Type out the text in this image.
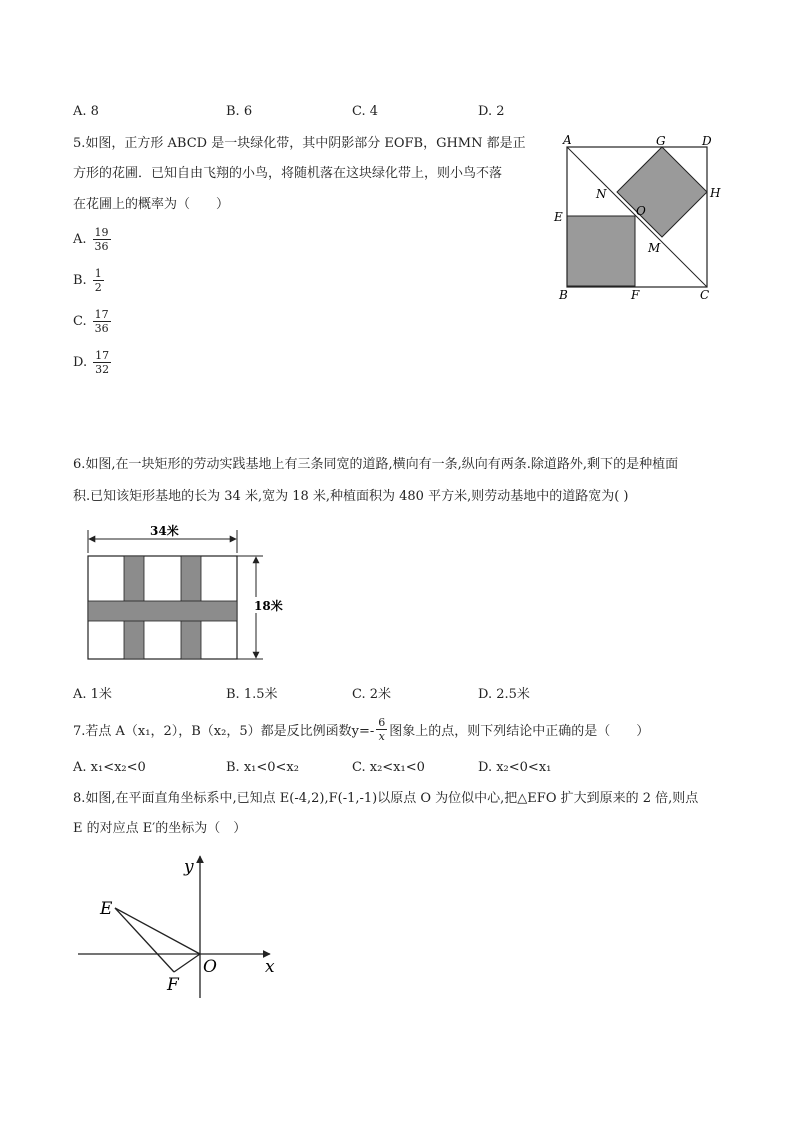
A. 8	B. 6	C. 4	D. 2
5.如图，正方形 ABCD 是一块绿化带，其中阴影部分 EOFB，GHMN 都是正
方形的花圃．已知自由飞翔的小鸟，将随机落在这块绿化带上，则小鸟不落
在花圃上的概率为（　　）
A. $\frac{19}{36}$
B. $\frac{1}{2}$
C. $\frac{17}{36}$
D. $\frac{17}{32}$
A	G	D
N	H
E	O
M
B	F	C
6.如图,在一块矩形的劳动实践基地上有三条同宽的道路,横向有一条,纵向有两条.除道路外,剩下的是种植面
积.已知该矩形基地的长为 34 米,宽为 18 米,种植面积为 480 平方米,则劳动基地中的道路宽为( )
34米
18米
A. 1米	B. 1.5米	C. 2米	D. 2.5米
7.若点 A（x₁，2），B（x₂，5）都是反比例函数$y=- \frac{6}{x}$ 图象上的点，则下列结论中正确的是（　　）
A. x₁<x₂<0	B. x₁<0<x₂	C. x₂<x₁<0	D. x₂<0<x₁
8.如图,在平面直角坐标系中,已知点 E(-4,2),F(-1,-1)以原点 O 为位似中心,把△EFO 扩大到原来的 2 倍,则点
E 的对应点 E′的坐标为（　）
y
x
E
O
F
